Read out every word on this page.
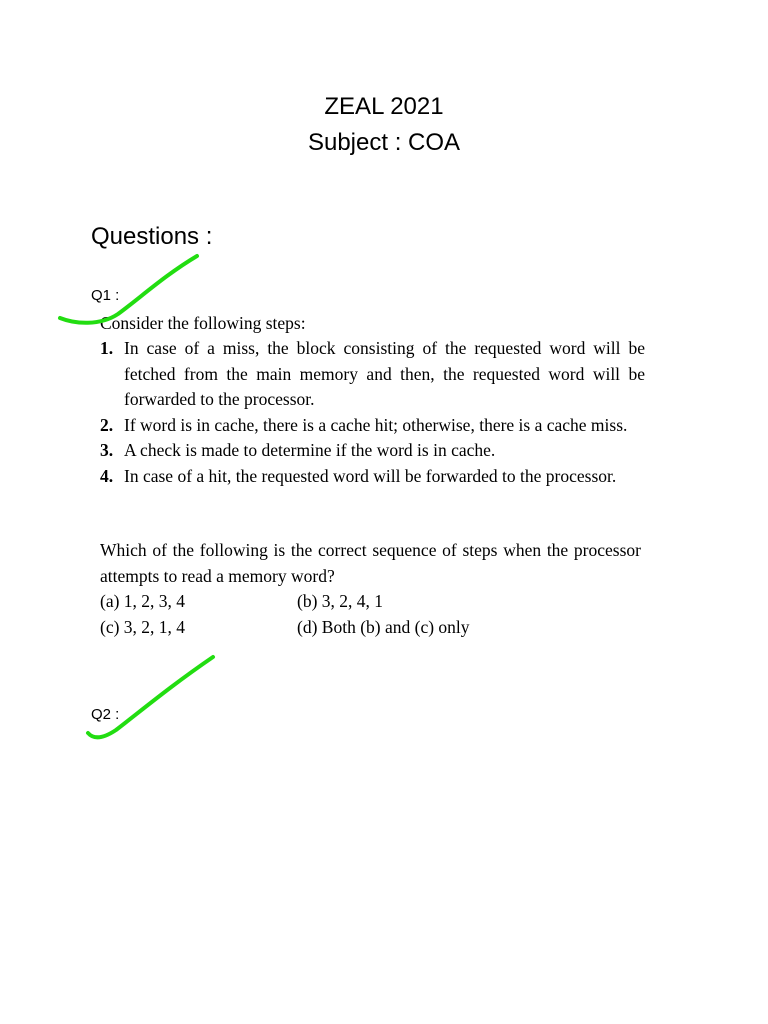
ZEAL 2021
Subject : COA
Questions :
Q1 :
Consider the following steps:
1. In case of a miss, the block consisting of the requested word will be fetched from the main memory and then, the requested word will be forwarded to the processor.
2. If word is in cache, there is a cache hit; otherwise, there is a cache miss.
3. A check is made to determine if the word is in cache.
4. In case of a hit, the requested word will be forwarded to the processor.
Which of the following is the correct sequence of steps when the processor attempts to read a memory word?
(a) 1, 2, 3, 4	(b) 3, 2, 4, 1
(c) 3, 2, 1, 4	(d) Both (b) and (c) only
Q2 :
